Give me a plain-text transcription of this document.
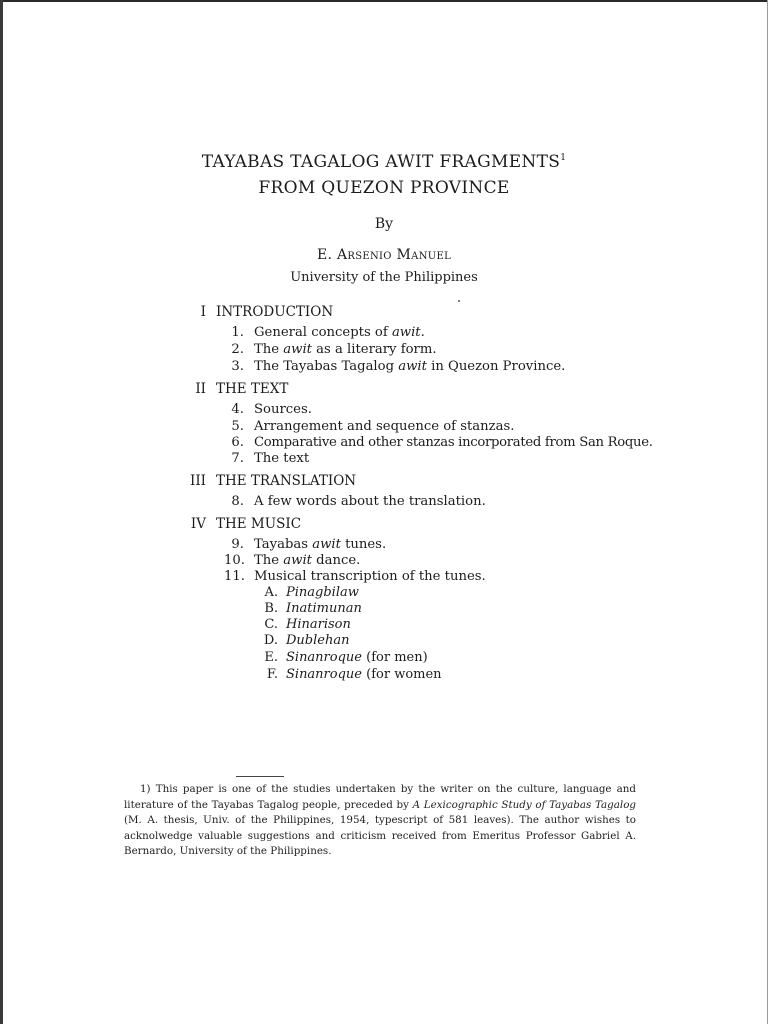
TAYABAS TAGALOG AWIT FRAGMENTS$^1$
FROM QUEZON PROVINCE
By
E. Arsenio Manuel
University of the Philippines
I INTRODUCTION
1. General concepts of awit.
2. The awit as a literary form.
3. The Tayabas Tagalog awit in Quezon Province.
II THE TEXT
4. Sources.
5. Arrangement and sequence of stanzas.
6. Comparative and other stanzas incorporated from San Roque.
7. The text
III THE TRANSLATION
8. A few words about the translation.
IV THE MUSIC
9. Tayabas awit tunes.
10. The awit dance.
11. Musical transcription of the tunes.
A. Pinagbilaw
B. Inatimunan
C. Hinarison
D. Dublehan
E. Sinanroque (for men)
F. Sinanroque (for women
1) This paper is one of the studies undertaken by the writer on the culture, language and literature of the Tayabas Tagalog people, preceded by A Lexicographic Study of Tayabas Tagalog (M. A. thesis, Univ. of the Philippines, 1954, typescript of 581 leaves). The author wishes to acknolwedge valuable suggestions and criticism received from Emeritus Professor Gabriel A. Bernardo, University of the Philippines.
